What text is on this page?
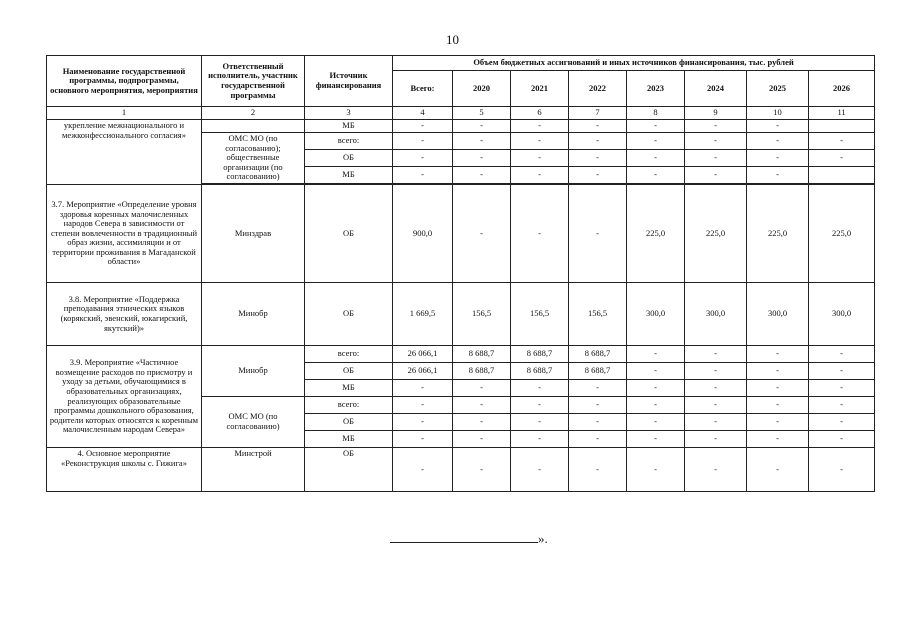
10
Наименование государственной программы, подпрограммы, основного мероприятия, мероприятия	Ответственный исполнитель, участник государственной программы	Источник финансирования	Объем бюджетных ассигнований и иных источников финансирования, тыс. рублей							
			Всего:	2020	2021	2022	2023	2024	2025	2026
1	2	3	4	5	6	7	8	9	10	11
укрепление межнационального и межконфессионального согласия»		МБ	-	-	-	-	-	-	-	
	ОМС МО (по согласованию); общественные организации (по согласованию)	всего:	-	-	-	-	-	-	-	-
		ОБ	-	-	-	-	-	-	-	-
		МБ	-	-	-	-	-	-	-	

3.7. Мероприятие «Определение уровня здоровья коренных малочисленных народов Севера в зависимости от степени вовлеченности в традиционный образ жизни, ассимиляции и от территории проживания в Магаданской области»	Минздрав	ОБ	900,0	-	-	-	225,0	225,0	225,0	225,0
3.8. Мероприятие «Поддержка преподавания этнических языков (корякский, эвенский, юкагирский, якутский)»	Минобр	ОБ	1 669,5	156,5	156,5	156,5	300,0	300,0	300,0	300,0
3.9. Мероприятие «Частичное возмещение расходов по присмотру и уходу за детьми, обучающимися в образовательных организациях, реализующих образовательные программы дошкольного образования, родители которых относятся к коренным малочисленным народам Севера»	Минобр	всего:	26 066,1	8 688,7	8 688,7	8 688,7	-	-	-	-
		ОБ	26 066,1	8 688,7	8 688,7	8 688,7	-	-	-	-
		МБ	-	-	-	-	-	-	-	-
	ОМС МО (по согласованию)	всего:	-	-	-	-	-	-	-	-
		ОБ	-	-	-	-	-	-	-	-
		МБ	-	-	-	-	-	-	-	-
4. Основное мероприятие «Реконструкция школы с. Гижига»	Минстрой	ОБ	-	-	-	-	-	-	-	-
».
